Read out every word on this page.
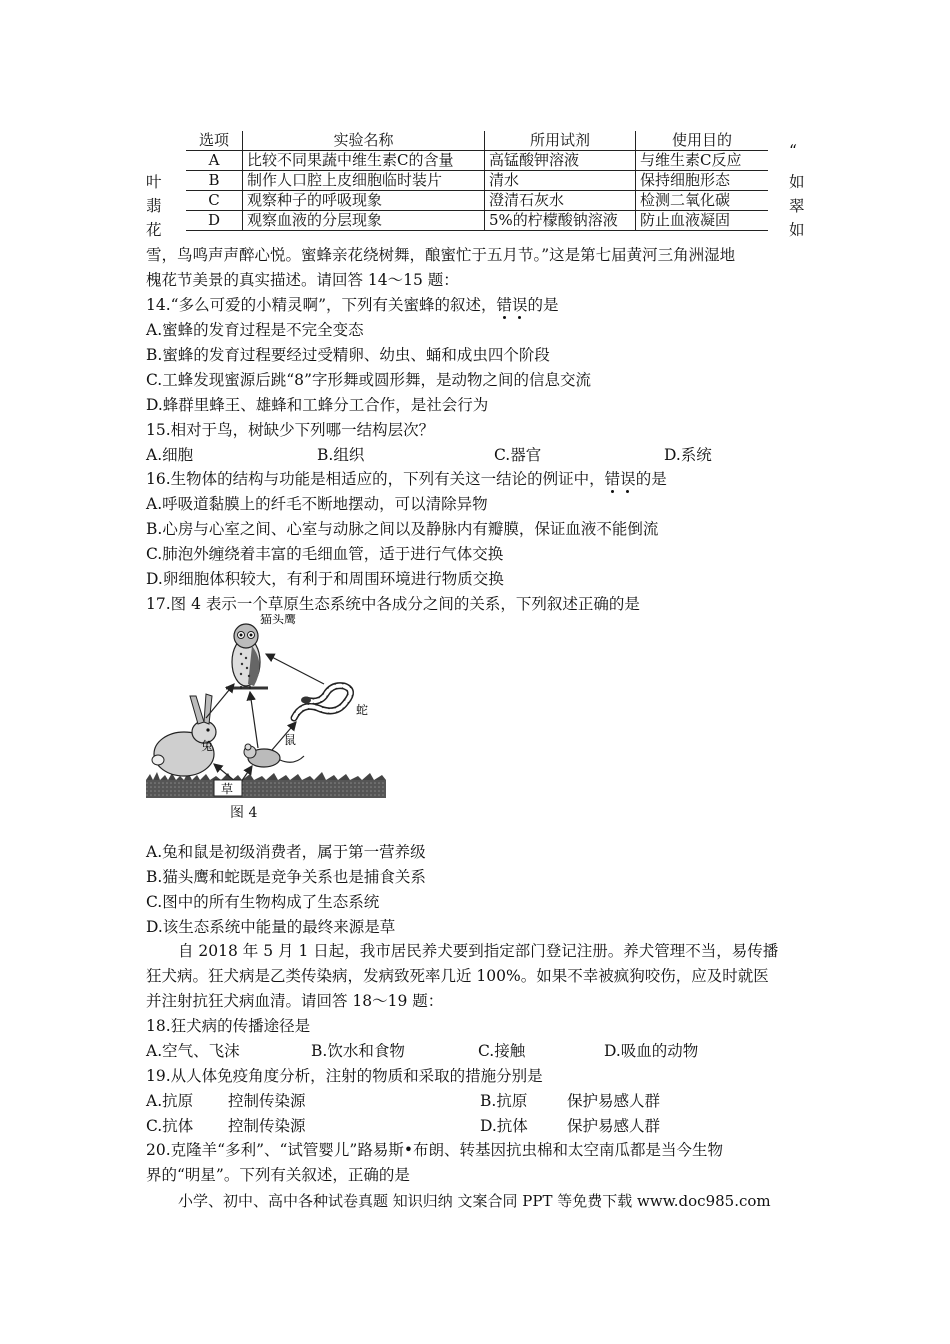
选项	实验名称	所用试剂	使用目的
A	比较不同果蔬中维生素C的含量	高锰酸钾溶液	与维生素C反应
B	制作人口腔上皮细胞临时装片	清水	保持细胞形态
C	观察种子的呼吸现象	澄清石灰水	检测二氧化碳
D	观察血液的分层现象	5%的柠檬酸钠溶液	防止血液凝固
叶
翡
花
“
如
翠
如
雪，鸟鸣声声醉心悦。蜜蜂亲花绕树舞，酿蜜忙于五月节。”这是第七届黄河三角洲湿地
槐花节美景的真实描述。请回答 14～15 题：
14.“多么可爱的小精灵啊”，下列有关蜜蜂的叙述，错误的是
A.蜜蜂的发育过程是不完全变态
B.蜜蜂的发育过程要经过受精卵、幼虫、蛹和成虫四个阶段
C.工蜂发现蜜源后跳“8”字形舞或圆形舞，是动物之间的信息交流
D.蜂群里蜂王、雄蜂和工蜂分工合作，是社会行为
15.相对于鸟，树缺少下列哪一结构层次？
A.细胞	B.组织	C.器官	D.系统
16.生物体的结构与功能是相适应的，下列有关这一结论的例证中，错误的是
A.呼吸道黏膜上的纤毛不断地摆动，可以清除异物
B.心房与心室之间、心室与动脉之间以及静脉内有瓣膜，保证血液不能倒流
C.肺泡外缠绕着丰富的毛细血管，适于进行气体交换
D.卵细胞体积较大，有利于和周围环境进行物质交换
17.图 4 表示一个草原生态系统中各成分之间的关系，下列叙述正确的是
猫头鹰
蛇
兔	鼠
草
图 4
A.兔和鼠是初级消费者，属于第一营养级
B.猫头鹰和蛇既是竞争关系也是捕食关系
C.图中的所有生物构成了生态系统
D.该生态系统中能量的最终来源是草
自 2018 年 5 月 1 日起，我市居民养犬要到指定部门登记注册。养犬管理不当，易传播
狂犬病。狂犬病是乙类传染病，发病致死率几近 100%。如果不幸被疯狗咬伤，应及时就医
并注射抗狂犬病血清。请回答 18～19 题：
18.狂犬病的传播途径是
A.空气、飞沫	B.饮水和食物	C.接触	D.吸血的动物
19.从人体免疫角度分析，注射的物质和采取的措施分别是
A.抗原 控制传染源	B.抗原	保护易感人群
C.抗体 控制传染源	D.抗体	保护易感人群
20.克隆羊“多利”、“试管婴儿”路易斯•布朗、转基因抗虫棉和太空南瓜都是当今生物
界的“明星”。下列有关叙述，正确的是
小学、初中、高中各种试卷真题 知识归纳 文案合同 PPT 等免费下载 www.doc985.com
